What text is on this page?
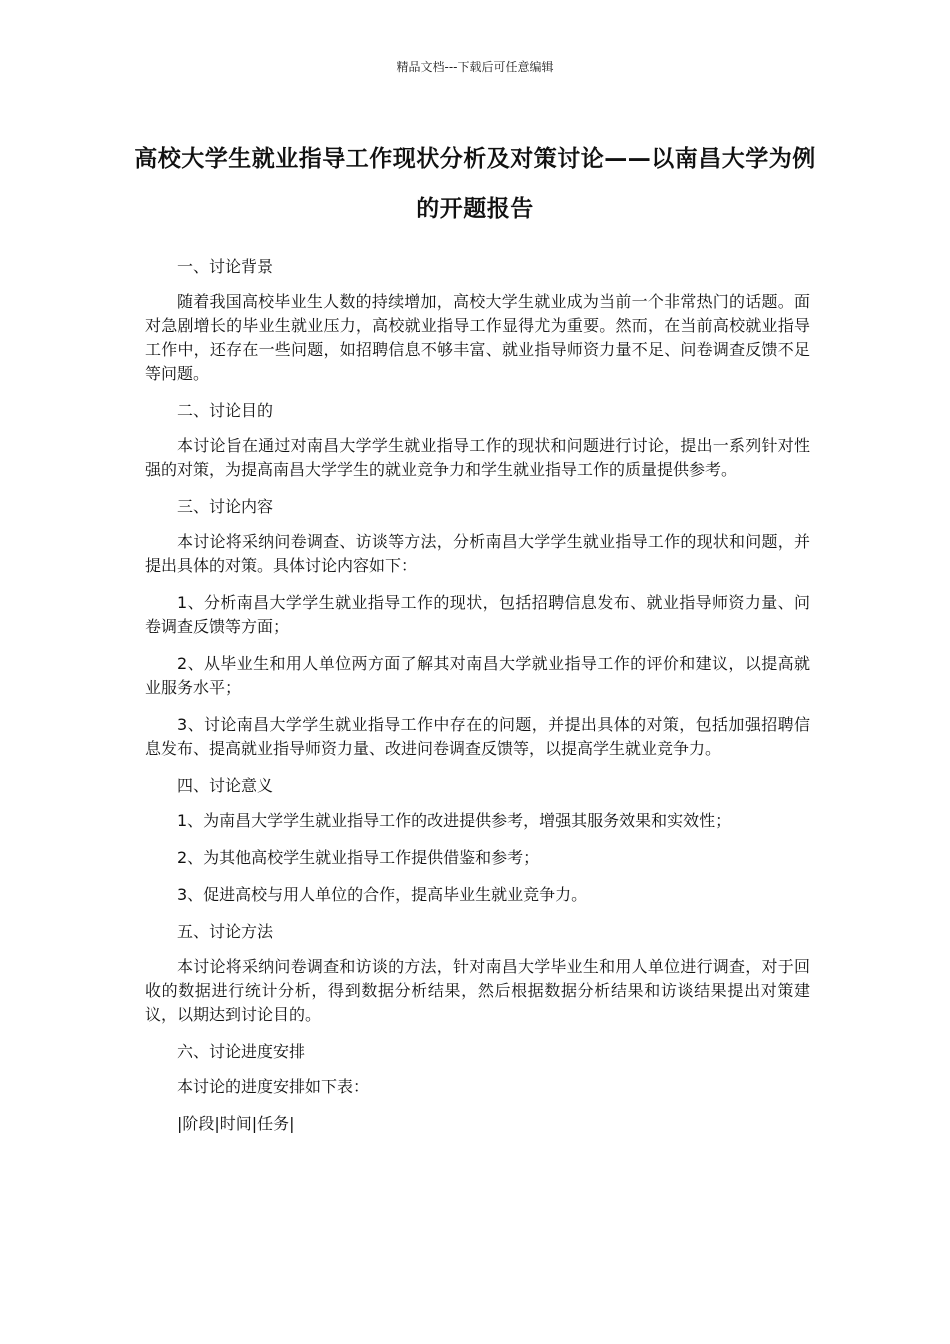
精品文档---下载后可任意编辑
高校大学生就业指导工作现状分析及对策讨论——以南昌大学为例的开题报告

一、讨论背景

随着我国高校毕业生人数的持续增加，高校大学生就业成为当前一个非常热门的话题。面对急剧增长的毕业生就业压力，高校就业指导工作显得尤为重要。然而，在当前高校就业指导工作中，还存在一些问题，如招聘信息不够丰富、就业指导师资力量不足、问卷调查反馈不足等问题。

二、讨论目的

本讨论旨在通过对南昌大学学生就业指导工作的现状和问题进行讨论，提出一系列针对性强的对策，为提高南昌大学学生的就业竞争力和学生就业指导工作的质量提供参考。

三、讨论内容

本讨论将采纳问卷调查、访谈等方法，分析南昌大学学生就业指导工作的现状和问题，并提出具体的对策。具体讨论内容如下：

1、分析南昌大学学生就业指导工作的现状，包括招聘信息发布、就业指导师资力量、问卷调查反馈等方面；

2、从毕业生和用人单位两方面了解其对南昌大学就业指导工作的评价和建议，以提高就业服务水平；

3、讨论南昌大学学生就业指导工作中存在的问题，并提出具体的对策，包括加强招聘信息发布、提高就业指导师资力量、改进问卷调查反馈等，以提高学生就业竞争力。

四、讨论意义

1、为南昌大学学生就业指导工作的改进提供参考，增强其服务效果和实效性；

2、为其他高校学生就业指导工作提供借鉴和参考；

3、促进高校与用人单位的合作，提高毕业生就业竞争力。

五、讨论方法

本讨论将采纳问卷调查和访谈的方法，针对南昌大学毕业生和用人单位进行调查，对于回收的数据进行统计分析，得到数据分析结果，然后根据数据分析结果和访谈结果提出对策建议，以期达到讨论目的。

六、讨论进度安排

本讨论的进度安排如下表：

|阶段|时间|任务|
